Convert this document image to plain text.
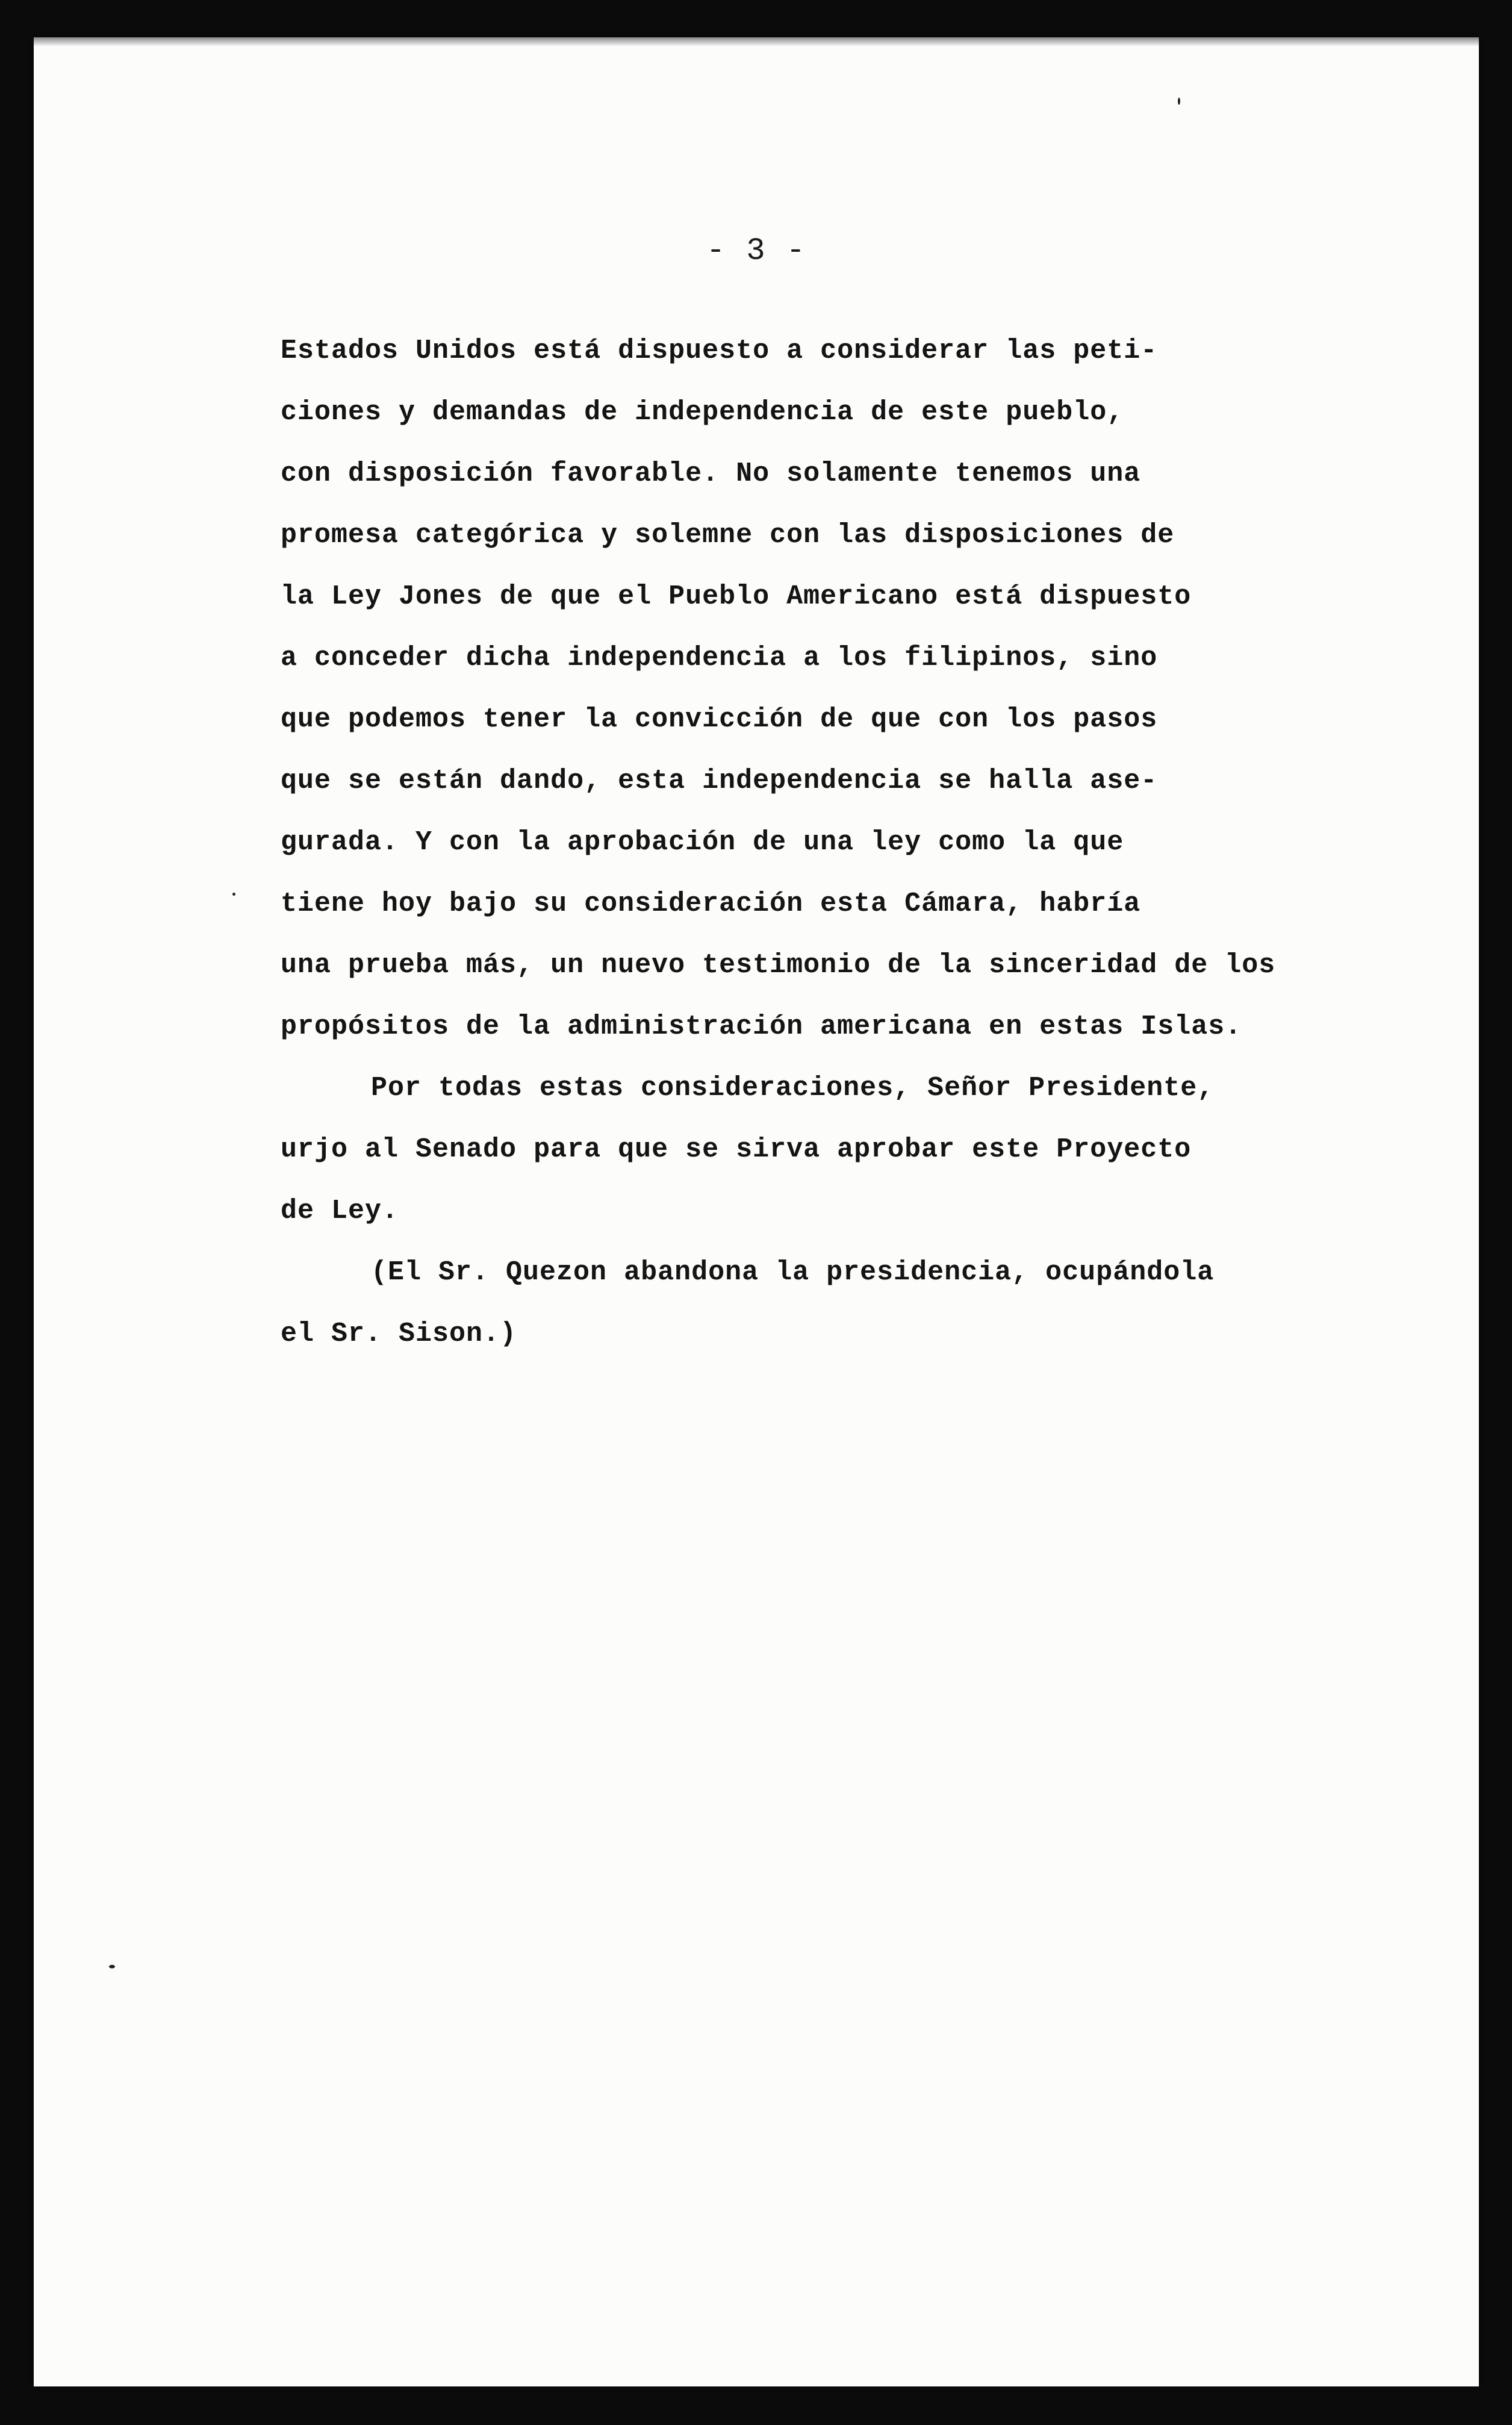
- 3 -
Estados Unidos está dispuesto a considerar las peti-
ciones y demandas de independencia de este pueblo,
con disposición favorable. No solamente tenemos una
promesa categórica y solemne con las disposiciones de
la Ley Jones de que el Pueblo Americano está dispuesto
a conceder dicha independencia a los filipinos, sino
que podemos tener la convicción de que con los pasos
que se están dando, esta independencia se halla ase-
gurada. Y con la aprobación de una ley como la que
tiene hoy bajo su consideración esta Cámara, habría
una prueba más, un nuevo testimonio de la sinceridad de los
propósitos de la administración americana en estas Islas.
Por todas estas consideraciones, Señor Presidente,
urjo al Senado para que se sirva aprobar este Proyecto
de Ley.
(El Sr. Quezon abandona la presidencia, ocupándola
el Sr. Sison.)
